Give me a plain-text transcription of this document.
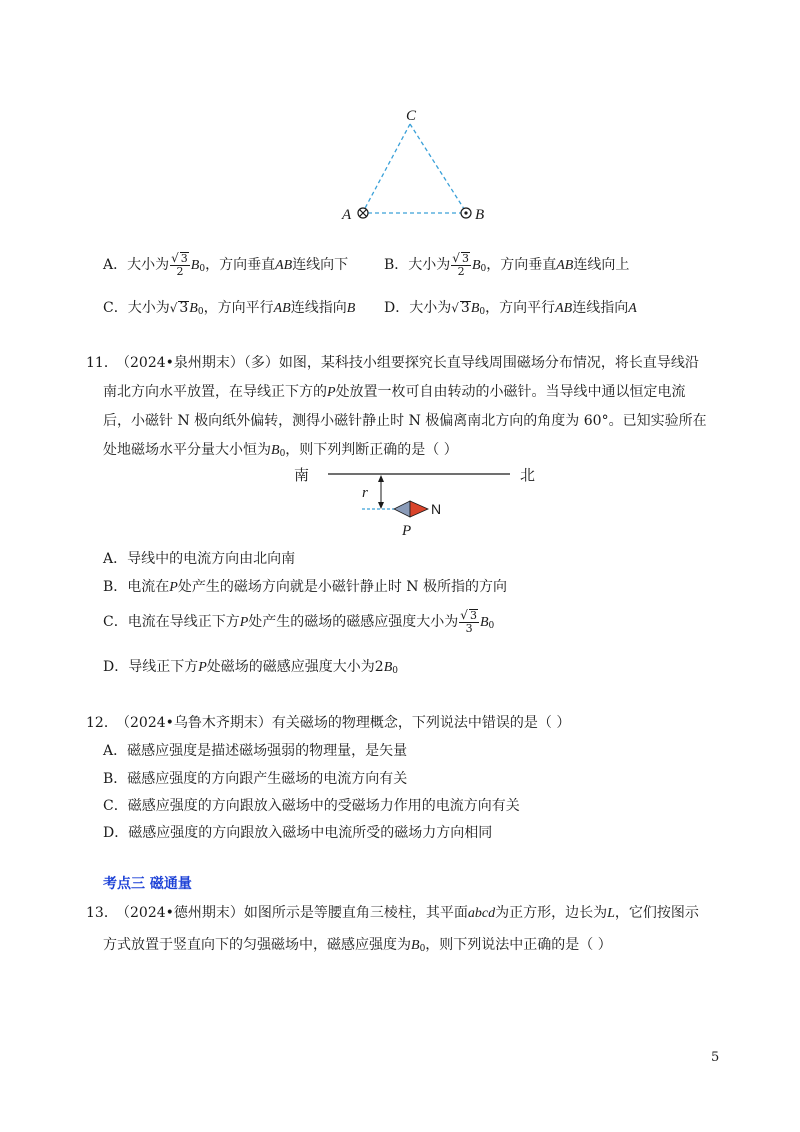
C
A	B
A．大小为 $\frac{√ 3}{2} B_0$，方向垂直AB连线向下	B．大小为 $\frac{√ 3}{2} B_0$，方向垂直AB连线向上
C．大小为√ $3B_0$，方向平行AB连线指向B D．大小为√ $3B_0$，方向平行AB连线指向A
11．
（2024•泉州期末）（多）如图，某科技小组要探究长直导线周围磁场分布情况，将长直导线沿
南北方向水平放置，在导线正下方的P处放置一枚可自由转动的小磁针。当导线中通以恒定电流
后，小磁针 N 极向纸外偏转，测得小磁针静止时 N 极偏离南北方向的角度为 60°。已知实验所在
处地磁场水平分量大小恒为$B_0$，则下列判断正确的是（ ）
南	北
r
N
P
A．导线中的电流方向由北向南
B．电流在P处产生的磁场方向就是小磁针静止时 N 极所指的方向
C．电流在导线正下方P处产生的磁场的磁感应强度大小为 $\frac{√ 3}{3} B_0$
D．导线正下方P处磁场的磁感应强度大小为$2B_0$
12．
（2024•乌鲁木齐期末）有关磁场的物理概念，下列说法中错误的是（ ）
A．磁感应强度是描述磁场强弱的物理量，是矢量
B．磁感应强度的方向跟产生磁场的电流方向有关
C．磁感应强度的方向跟放入磁场中的受磁场力作用的电流方向有关
D．磁感应强度的方向跟放入磁场中电流所受的磁场力方向相同
考点三 磁通量
13．
（2024•德州期末）如图所示是等腰直角三棱柱，其平面abcd为正方形，边长为L，它们按图示
方式放置于竖直向下的匀强磁场中，磁感应强度为$B_0$，则下列说法中正确的是（ ）
5
